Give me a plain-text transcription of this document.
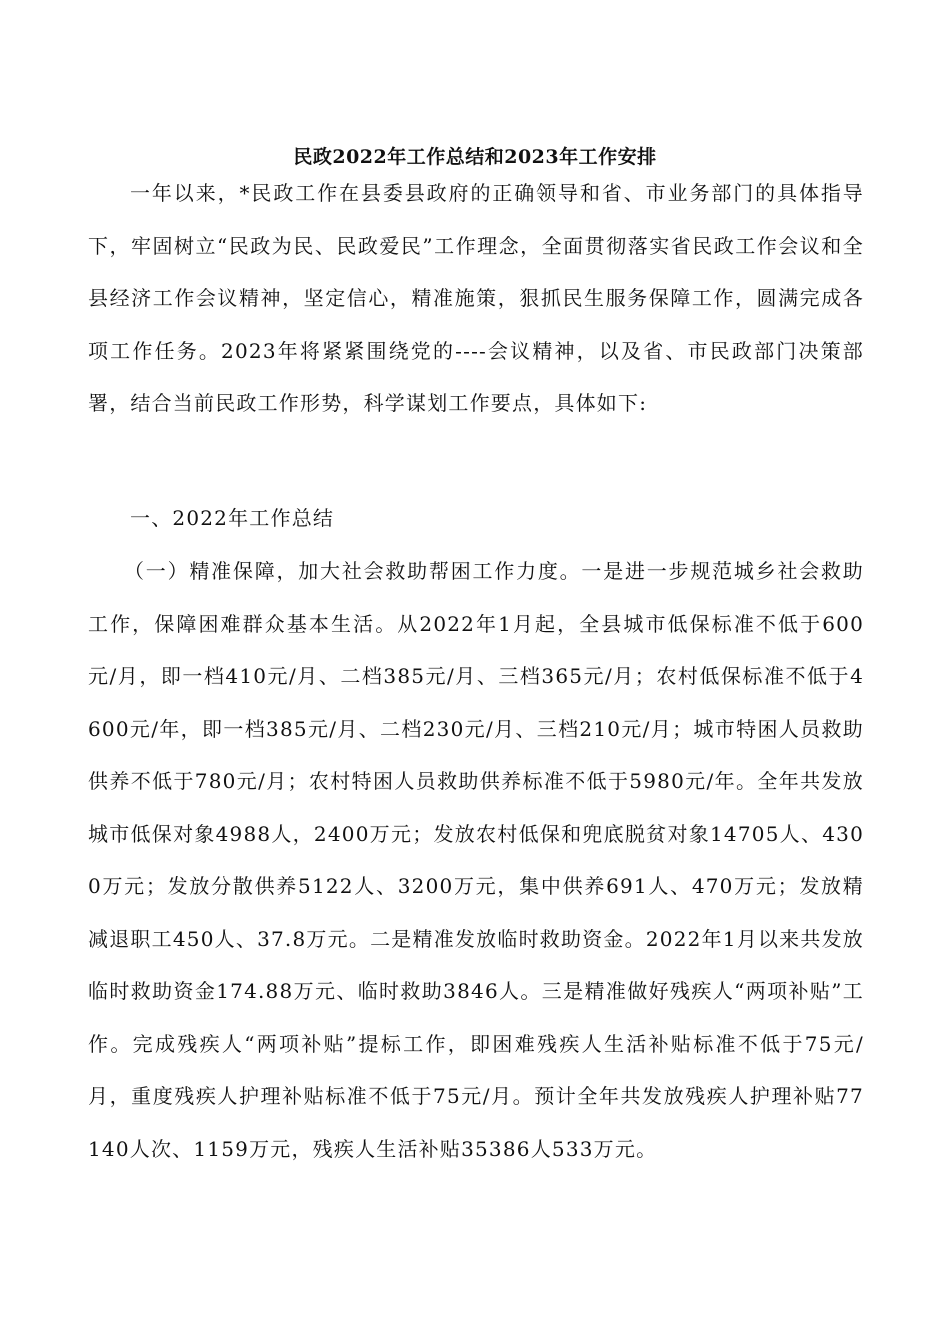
民政2022年工作总结和2023年工作安排

一年以来，*民政工作在县委县政府的正确领导和省、市业务部门的具体指导下，牢固树立“民政为民、民政爱民”工作理念，全面贯彻落实省民政工作会议和全县经济工作会议精神，坚定信心，精准施策，狠抓民生服务保障工作，圆满完成各项工作任务。2023年将紧紧围绕党的----会议精神，以及省、市民政部门决策部署，结合当前民政工作形势，科学谋划工作要点，具体如下:

一、2022年工作总结

（一）精准保障，加大社会救助帮困工作力度。一是进一步规范城乡社会救助工作，保障困难群众基本生活。从2022年1月起，全县城市低保标准不低于600元/月，即一档410元/月、二档385元/月、三档365元/月；农村低保标准不低于4600元/年，即一档385元/月、二档230元/月、三档210元/月；城市特困人员救助供养不低于780元/月；农村特困人员救助供养标准不低于5980元/年。全年共发放城市低保对象4988人，2400万元；发放农村低保和兜底脱贫对象14705人、4300万元；发放分散供养5122人、3200万元，集中供养691人、470万元；发放精减退职工450人、37.8万元。二是精准发放临时救助资金。2022年1月以来共发放临时救助资金174.88万元、临时救助3846人。三是精准做好残疾人“两项补贴”工作。完成残疾人“两项补贴”提标工作，即困难残疾人生活补贴标准不低于75元/月，重度残疾人护理补贴标准不低于75元/月。预计全年共发放残疾人护理补贴77140人次、1159万元，残疾人生活补贴35386人533万元。
